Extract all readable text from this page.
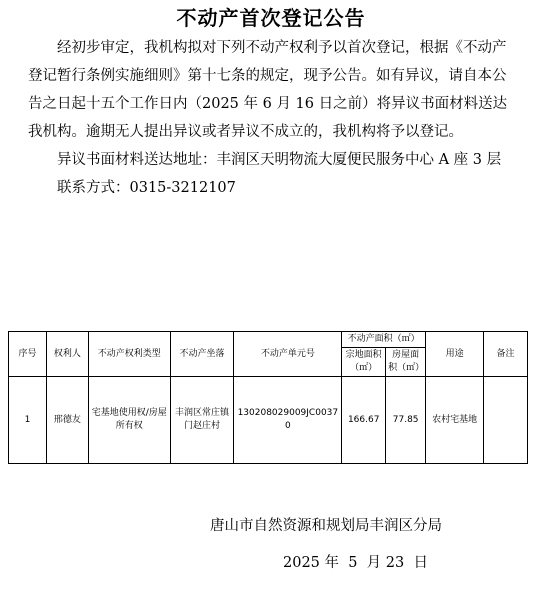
不动产首次登记公告

经初步审定，我机构拟对下列不动产权利予以首次登记，根据《不动产登记暂行条例实施细则》第十七条的规定，现予公告。如有异议，请自本公告之日起十五个工作日内（2025 年 6 月 16 日之前）将异议书面材料送达我机构。逾期无人提出异议或者异议不成立的，我机构将予以登记。

异议书面材料送达地址：丰润区天明物流大厦便民服务中心 A 座 3 层

联系方式：0315-3212107

序号	权利人	不动产权利类型	不动产坐落	不动产单元号	不动产面积（㎡）		用途	备注
					宗地面积（㎡）	房屋面积（㎡）		
1	邢德友	宅基地使用权/房屋所有权	丰润区常庄镇门赵庄村	130208029009JC00370	166.67	77.85	农村宅基地	
唐山市自然资源和规划局丰润区分局
2025 年  5  月 23  日
